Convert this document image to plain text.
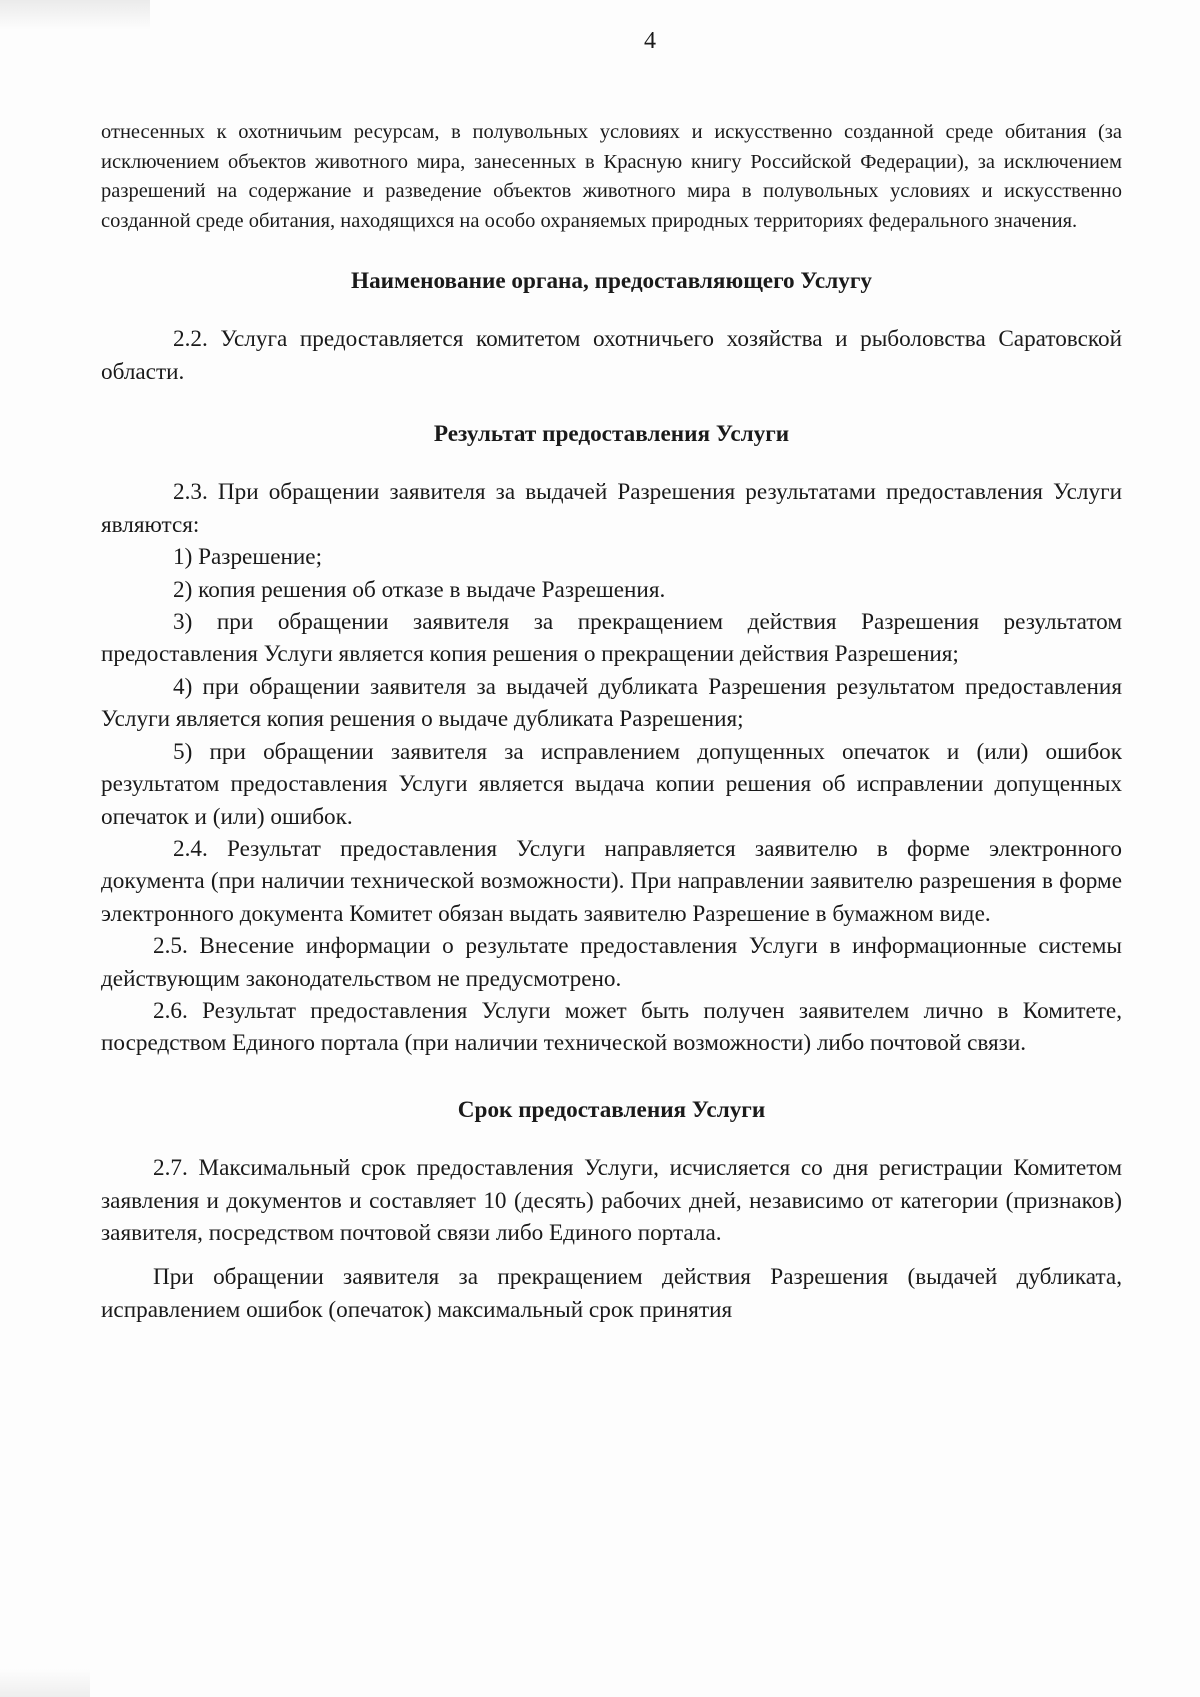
4

отнесенных к охотничьим ресурсам, в полувольных условиях и искусственно созданной среде обитания (за исключением объектов животного мира, занесенных в Красную книгу Российской Федерации), за исключением разрешений на содержание и разведение объектов животного мира в полувольных условиях и искусственно созданной среде обитания, находящихся на особо охраняемых природных территориях федерального значения.

Наименование органа, предоставляющего Услугу

2.2. Услуга предоставляется комитетом охотничьего хозяйства и рыболовства Саратовской области.

Результат предоставления Услуги

2.3. При обращении заявителя за выдачей Разрешения результатами предоставления Услуги являются:

1) Разрешение;

2) копия решения об отказе в выдаче Разрешения.

3) при обращении заявителя за прекращением действия Разрешения результатом предоставления Услуги является копия решения о прекращении действия Разрешения;

4) при обращении заявителя за выдачей дубликата Разрешения результатом предоставления Услуги является копия решения о выдаче дубликата Разрешения;

5) при обращении заявителя за исправлением допущенных опечаток и (или) ошибок результатом предоставления Услуги является выдача копии решения об исправлении допущенных опечаток и (или) ошибок.

2.4. Результат предоставления Услуги направляется заявителю в форме электронного документа (при наличии технической возможности). При направлении заявителю разрешения в форме электронного документа Комитет обязан выдать заявителю Разрешение в бумажном виде.

2.5. Внесение информации о результате предоставления Услуги в информационные системы действующим законодательством не предусмотрено.

2.6. Результат предоставления Услуги может быть получен заявителем лично в Комитете, посредством Единого портала (при наличии технической возможности) либо почтовой связи.

Срок предоставления Услуги

2.7. Максимальный срок предоставления Услуги, исчисляется со дня регистрации Комитетом заявления и документов и составляет 10 (десять) рабочих дней, независимо от категории (признаков) заявителя, посредством почтовой связи либо Единого портала.

При обращении заявителя за прекращением действия Разрешения (выдачей дубликата, исправлением ошибок (опечаток) максимальный срок принятия
